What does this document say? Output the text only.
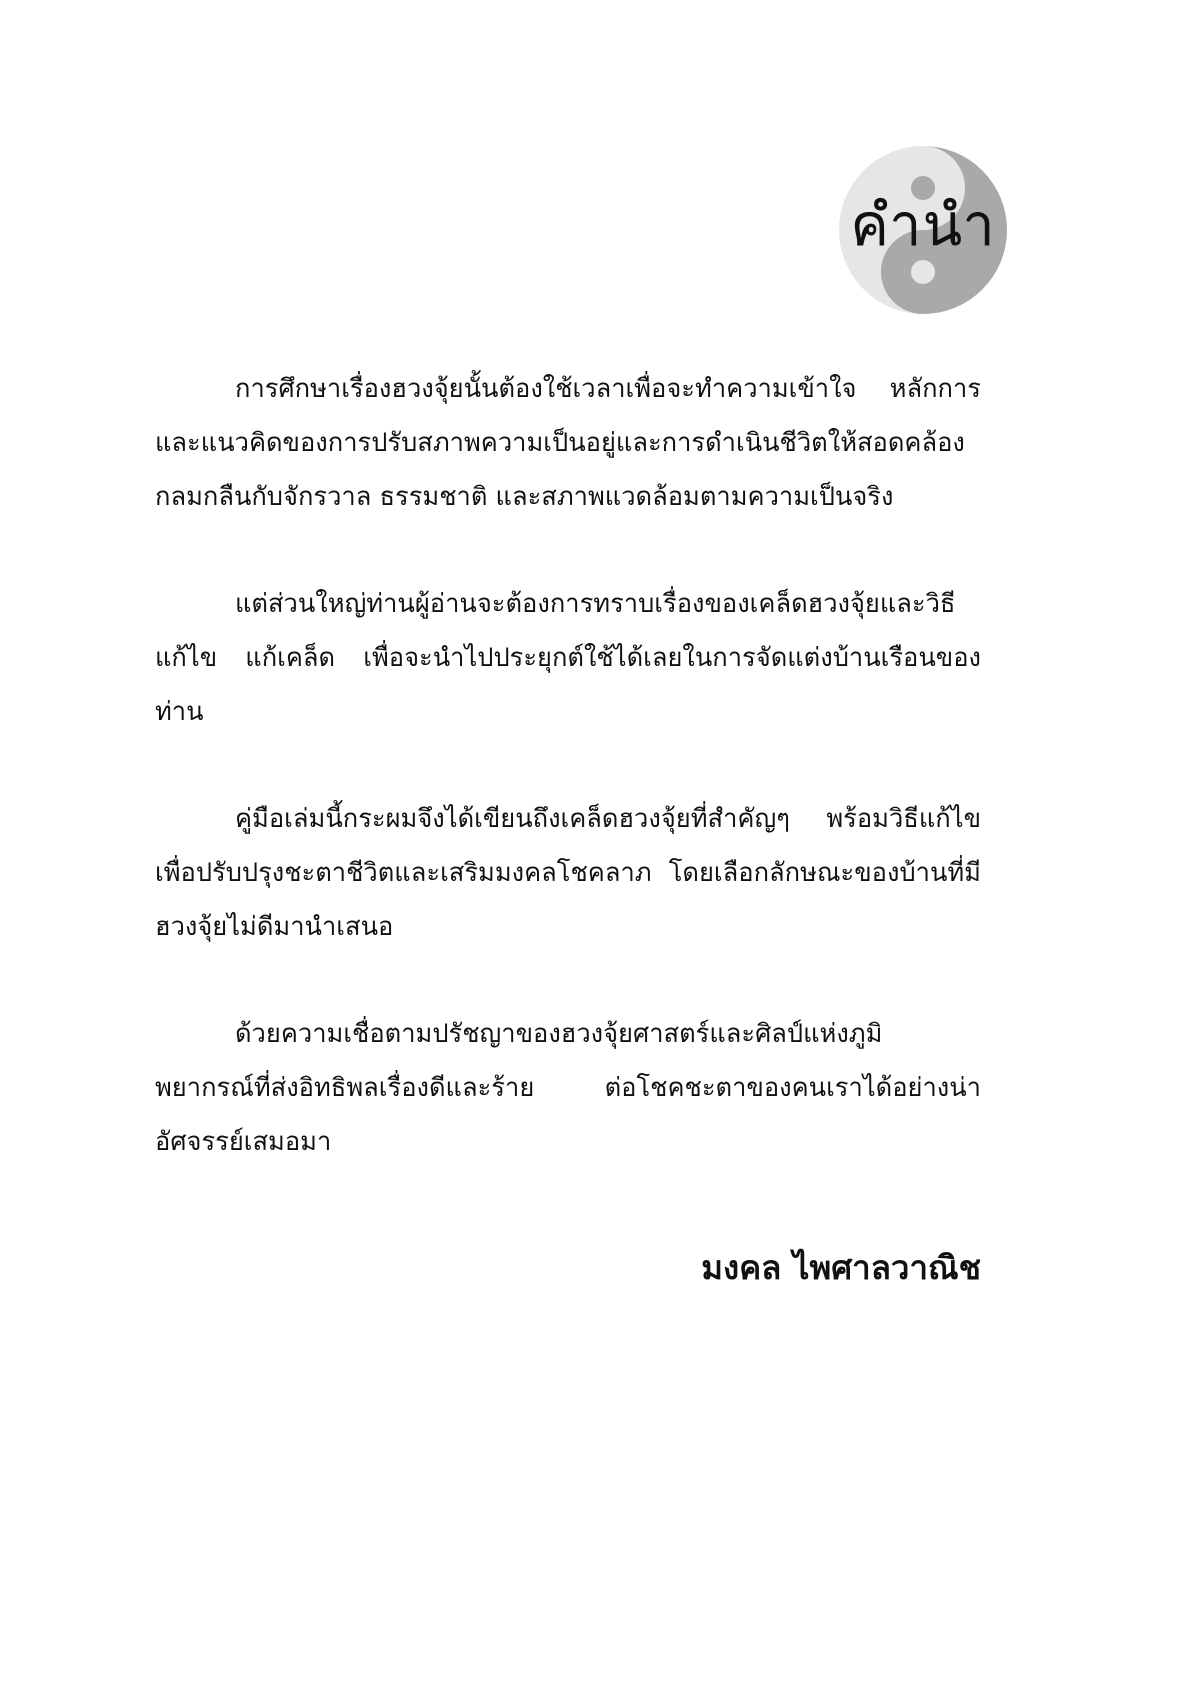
คำนำ

การศึกษาเรื่องฮวงจุ้ยนั้นต้องใช้เวลาเพื่อจะทำความเข้าใจ หลักการและแนวคิดของการปรับสภาพความเป็นอยู่และการดำเนินชีวิตให้สอดคล้องกลมกลืนกับจักรวาล ธรรมชาติ และสภาพแวดล้อมตามความเป็นจริง

แต่ส่วนใหญ่ท่านผู้อ่านจะต้องการทราบเรื่องของเคล็ดฮวงจุ้ยและวิธีแก้ไข แก้เคล็ด เพื่อจะนำไปประยุกต์ใช้ได้เลยในการจัดแต่งบ้านเรือนของท่าน

คู่มือเล่มนี้กระผมจึงได้เขียนถึงเคล็ดฮวงจุ้ยที่สำคัญๆ พร้อมวิธีแก้ไขเพื่อปรับปรุงชะตาชีวิตและเสริมมงคลโชคลาภ โดยเลือกลักษณะของบ้านที่มีฮวงจุ้ยไม่ดีมานำเสนอ

ด้วยความเชื่อตามปรัชญาของฮวงจุ้ยศาสตร์และศิลป์แห่งภูมิพยากรณ์ที่ส่งอิทธิพลเรื่องดีและร้าย ต่อโชคชะตาของคนเราได้อย่างน่าอัศจรรย์เสมอมา

มงคล ไพศาลวาณิช
